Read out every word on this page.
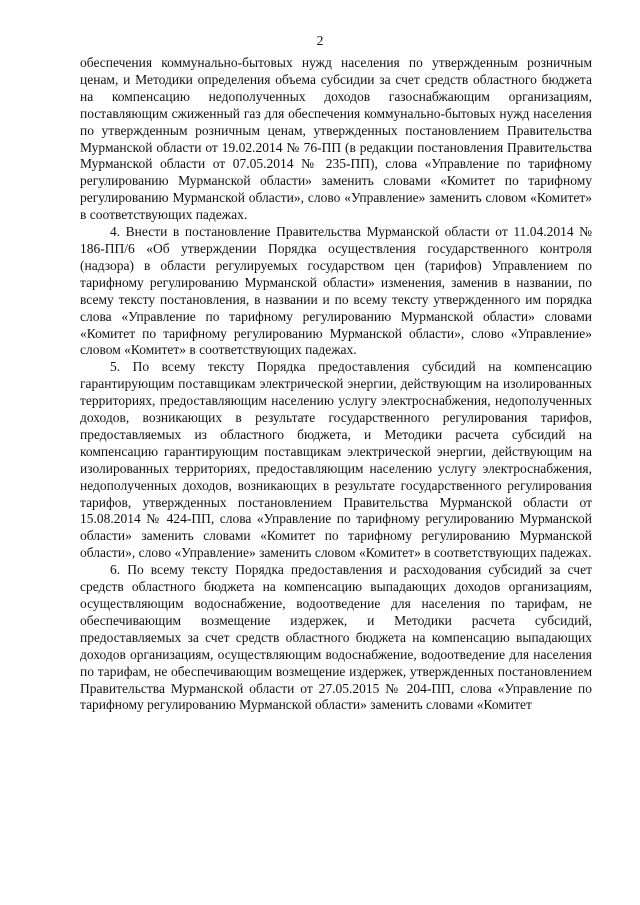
2

обеспечения коммунально-бытовых нужд населения по утвержденным розничным ценам, и Методики определения объема субсидии за счет средств областного бюджета на компенсацию недополученных доходов газоснабжающим организациям, поставляющим сжиженный газ для обеспечения коммунально-бытовых нужд населения по утвержденным розничным ценам, утвержденных постановлением Правительства Мурманской области от 19.02.2014 № 76-ПП (в редакции постановления Правительства Мурманской области от 07.05.2014 № 235-ПП), слова «Управление по тарифному регулированию Мурманской области» заменить словами «Комитет по тарифному регулированию Мурманской области», слово «Управление» заменить словом «Комитет» в соответствующих падежах.

4. Внести в постановление Правительства Мурманской области от 11.04.2014 № 186-ПП/6 «Об утверждении Порядка осуществления государственного контроля (надзора) в области регулируемых государством цен (тарифов) Управлением по тарифному регулированию Мурманской области» изменения, заменив в названии, по всему тексту постановления, в названии и по всему тексту утвержденного им порядка слова «Управление по тарифному регулированию Мурманской области» словами «Комитет по тарифному регулированию Мурманской области», слово «Управление» словом «Комитет» в соответствующих падежах.

5. По всему тексту Порядка предоставления субсидий на компенсацию гарантирующим поставщикам электрической энергии, действующим на изолированных территориях, предоставляющим населению услугу электроснабжения, недополученных доходов, возникающих в результате государственного регулирования тарифов, предоставляемых из областного бюджета, и Методики расчета субсидий на компенсацию гарантирующим поставщикам электрической энергии, действующим на изолированных территориях, предоставляющим населению услугу электроснабжения, недополученных доходов, возникающих в результате государственного регулирования тарифов, утвержденных постановлением Правительства Мурманской области от 15.08.2014 № 424-ПП, слова «Управление по тарифному регулированию Мурманской области» заменить словами «Комитет по тарифному регулированию Мурманской области», слово «Управление» заменить словом «Комитет» в соответствующих падежах.

6. По всему тексту Порядка предоставления и расходования субсидий за счет средств областного бюджета на компенсацию выпадающих доходов организациям, осуществляющим водоснабжение, водоотведение для населения по тарифам, не обеспечивающим возмещение издержек, и Методики расчета субсидий, предоставляемых за счет средств областного бюджета на компенсацию выпадающих доходов организациям, осуществляющим водоснабжение, водоотведение для населения по тарифам, не обеспечивающим возмещение издержек, утвержденных постановлением Правительства Мурманской области от 27.05.2015 № 204-ПП, слова «Управление по тарифному регулированию Мурманской области» заменить словами «Комитет
